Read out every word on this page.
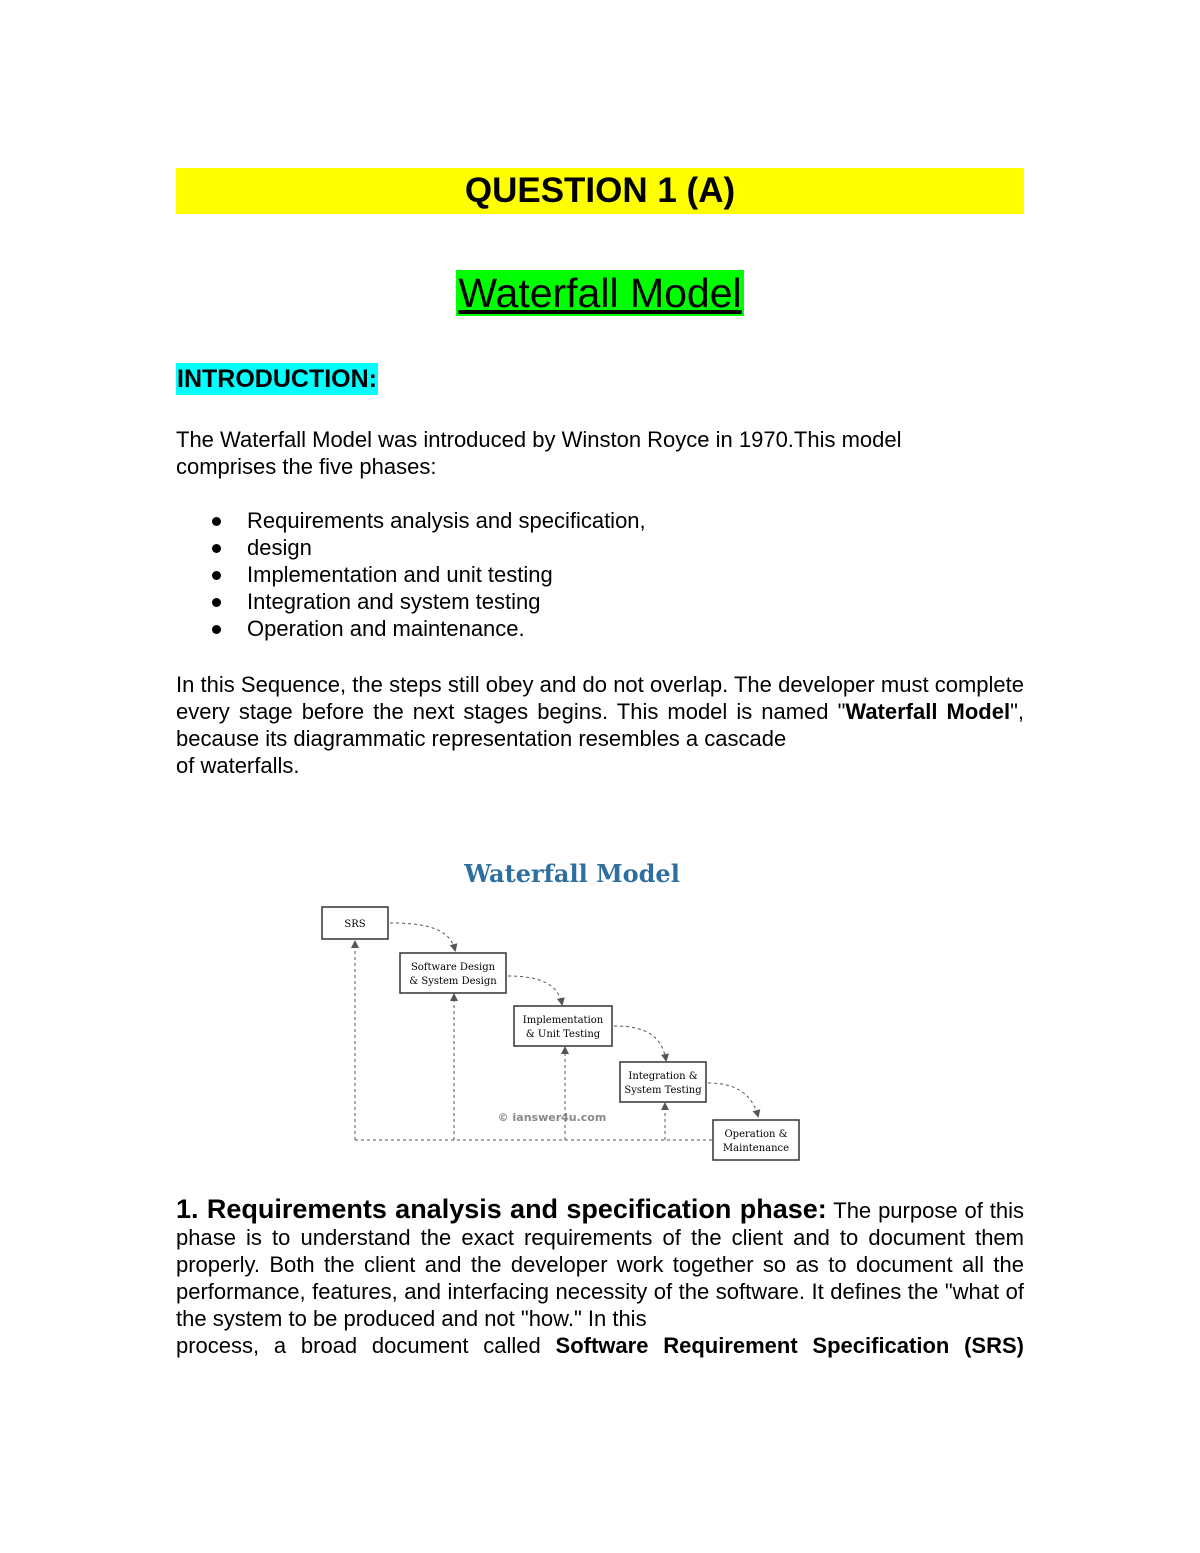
QUESTION 1 (A)
Waterfall Model
INTRODUCTION:
The Waterfall Model was introduced by Winston Royce in 1970.This model
comprises the five phases:
Requirements analysis and specification,
design
Implementation and unit testing
Integration and system testing
Operation and maintenance.
In this Sequence, the steps still obey and do not overlap. The developer must complete every stage before the next stages begins. This model is named "Waterfall Model", because its diagrammatic representation resembles a cascade
of waterfalls.
Waterfall Model
SRS
Software Design
& System Design
Implementation
& Unit Testing
Integration &
System Testing
Operation &
Maintenance
© ianswer4u.com
1. Requirements analysis and specification phase: The purpose of this phase is to understand the exact requirements of the client and to document them properly. Both the client and the developer work together so as to document all the performance, features, and interfacing necessity of the software. It defines the "what of the system to be produced and not "how." In this
process, a broad document called Software Requirement Specification (SRS)
